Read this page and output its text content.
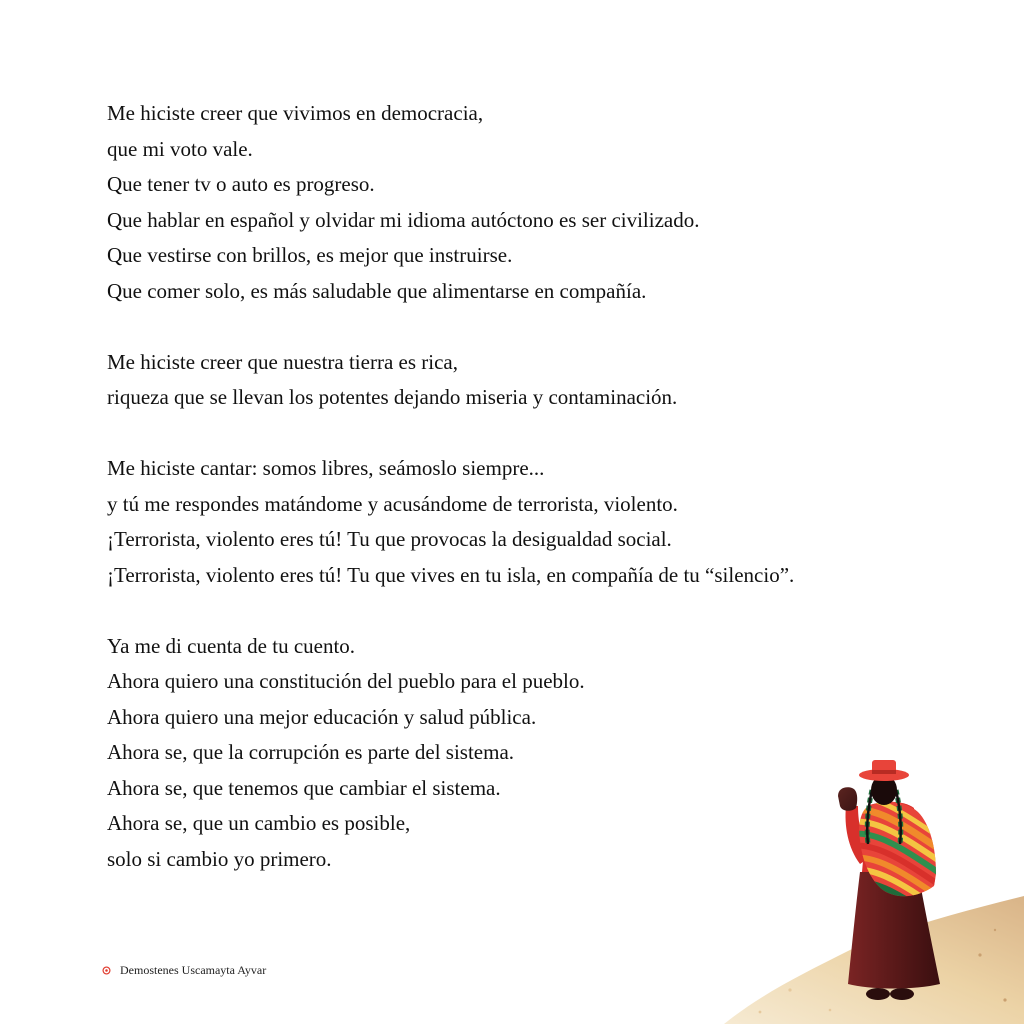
Me hiciste creer que vivimos en democracia,
que mi voto vale.
Que tener tv o auto es progreso.
Que hablar en español y olvidar mi idioma autóctono es ser civilizado.
Que vestirse con brillos, es mejor que instruirse.
Que comer solo, es más saludable que alimentarse en compañía.
Me hiciste creer que nuestra tierra es rica,
riqueza que se llevan los potentes dejando miseria y contaminación.
Me hiciste cantar: somos libres, seámoslo siempre...
y tú me respondes matándome y acusándome de terrorista, violento.
¡Terrorista, violento eres tú! Tu que provocas la desigualdad social.
¡Terrorista, violento eres tú! Tu que vives en tu isla, en compañía de tu “silencio”.
Ya me di cuenta de tu cuento.
Ahora quiero una constitución del pueblo para el pueblo.
Ahora quiero una mejor educación y salud pública.
Ahora se, que la corrupción es parte del sistema.
Ahora se, que tenemos que cambiar el sistema.
Ahora se, que un cambio es posible,
solo si cambio yo primero.
Demostenes Uscamayta Ayvar
